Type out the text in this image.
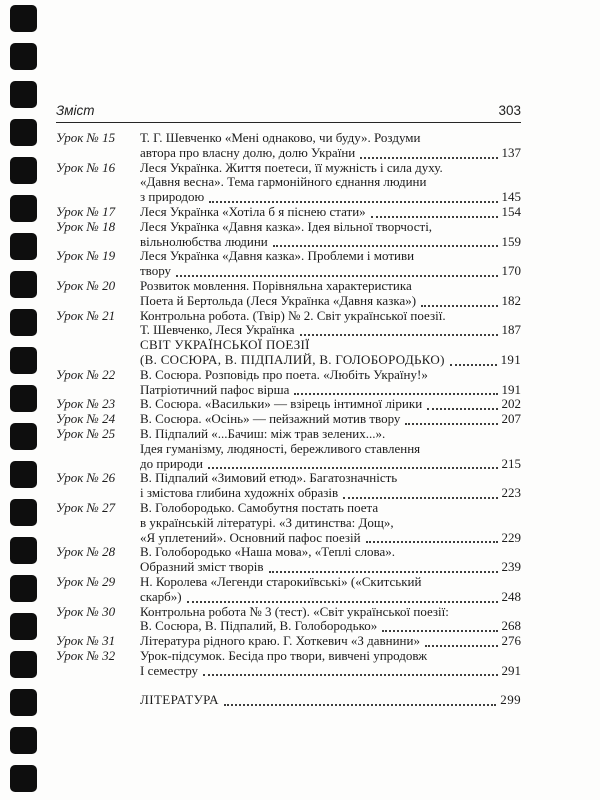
Зміст	303
Урок № 15	Т. Г. Шевченко «Мені однаково, чи буду». Роздуми
автора про власну долю, долю України	137
Урок № 16	Леся Українка. Життя поетеси, її мужність і сила духу.
«Давня весна». Тема гармонійного єднання людини
з природою	145
Урок № 17	Леся Українка «Хотіла б я піснею стати»	154
Урок № 18	Леся Українка «Давня казка». Ідея вільної творчості,
вільнолюбства людини	159
Урок № 19	Леся Українка «Давня казка». Проблеми і мотиви
твору	170
Урок № 20	Розвиток мовлення. Порівняльна характеристика
Поета й Бертольда (Леся Українка «Давня казка»)	182
Урок № 21	Контрольна робота. (Твір) № 2. Світ української поезії.
Т. Шевченко, Леся Українка	187
СВІТ УКРАЇНСЬКОЇ ПОЕЗІЇ
(В. СОСЮРА, В. ПІДПАЛИЙ, В. ГОЛОБОРОДЬКО)	191
Урок № 22	В. Сосюра. Розповідь про поета. «Любіть Україну!»
Патріотичний пафос вірша	191
Урок № 23	В. Сосюра. «Васильки» — взірець інтимної лірики	202
Урок № 24	В. Сосюра. «Осінь» — пейзажний мотив твору	207
Урок № 25	В. Підпалий «...Бачиш: між трав зелених...».
Ідея гуманізму, людяності, бережливого ставлення
до природи	215
Урок № 26	В. Підпалий «Зимовий етюд». Багатозначність
і змістова глибина художніх образів	223
Урок № 27	В. Голобородько. Самобутня постать поета
в українській літературі. «З дитинства: Дощ»,
«Я уплетений». Основний пафос поезій	229
Урок № 28	В. Голобородько «Наша мова», «Теплі слова».
Образний зміст творів	239
Урок № 29	Н. Королева «Легенди старокиївські» («Скитський
скарб»)	248
Урок № 30	Контрольна робота № 3 (тест). «Світ української поезії:
В. Сосюра, В. Підпалий, В. Голобородько»	268
Урок № 31	Література рідного краю. Г. Хоткевич «З давнини»	276
Урок № 32	Урок-підсумок. Бесіда про твори, вивчені упродовж
І семестру	291
ЛІТЕРАТУРА	299
